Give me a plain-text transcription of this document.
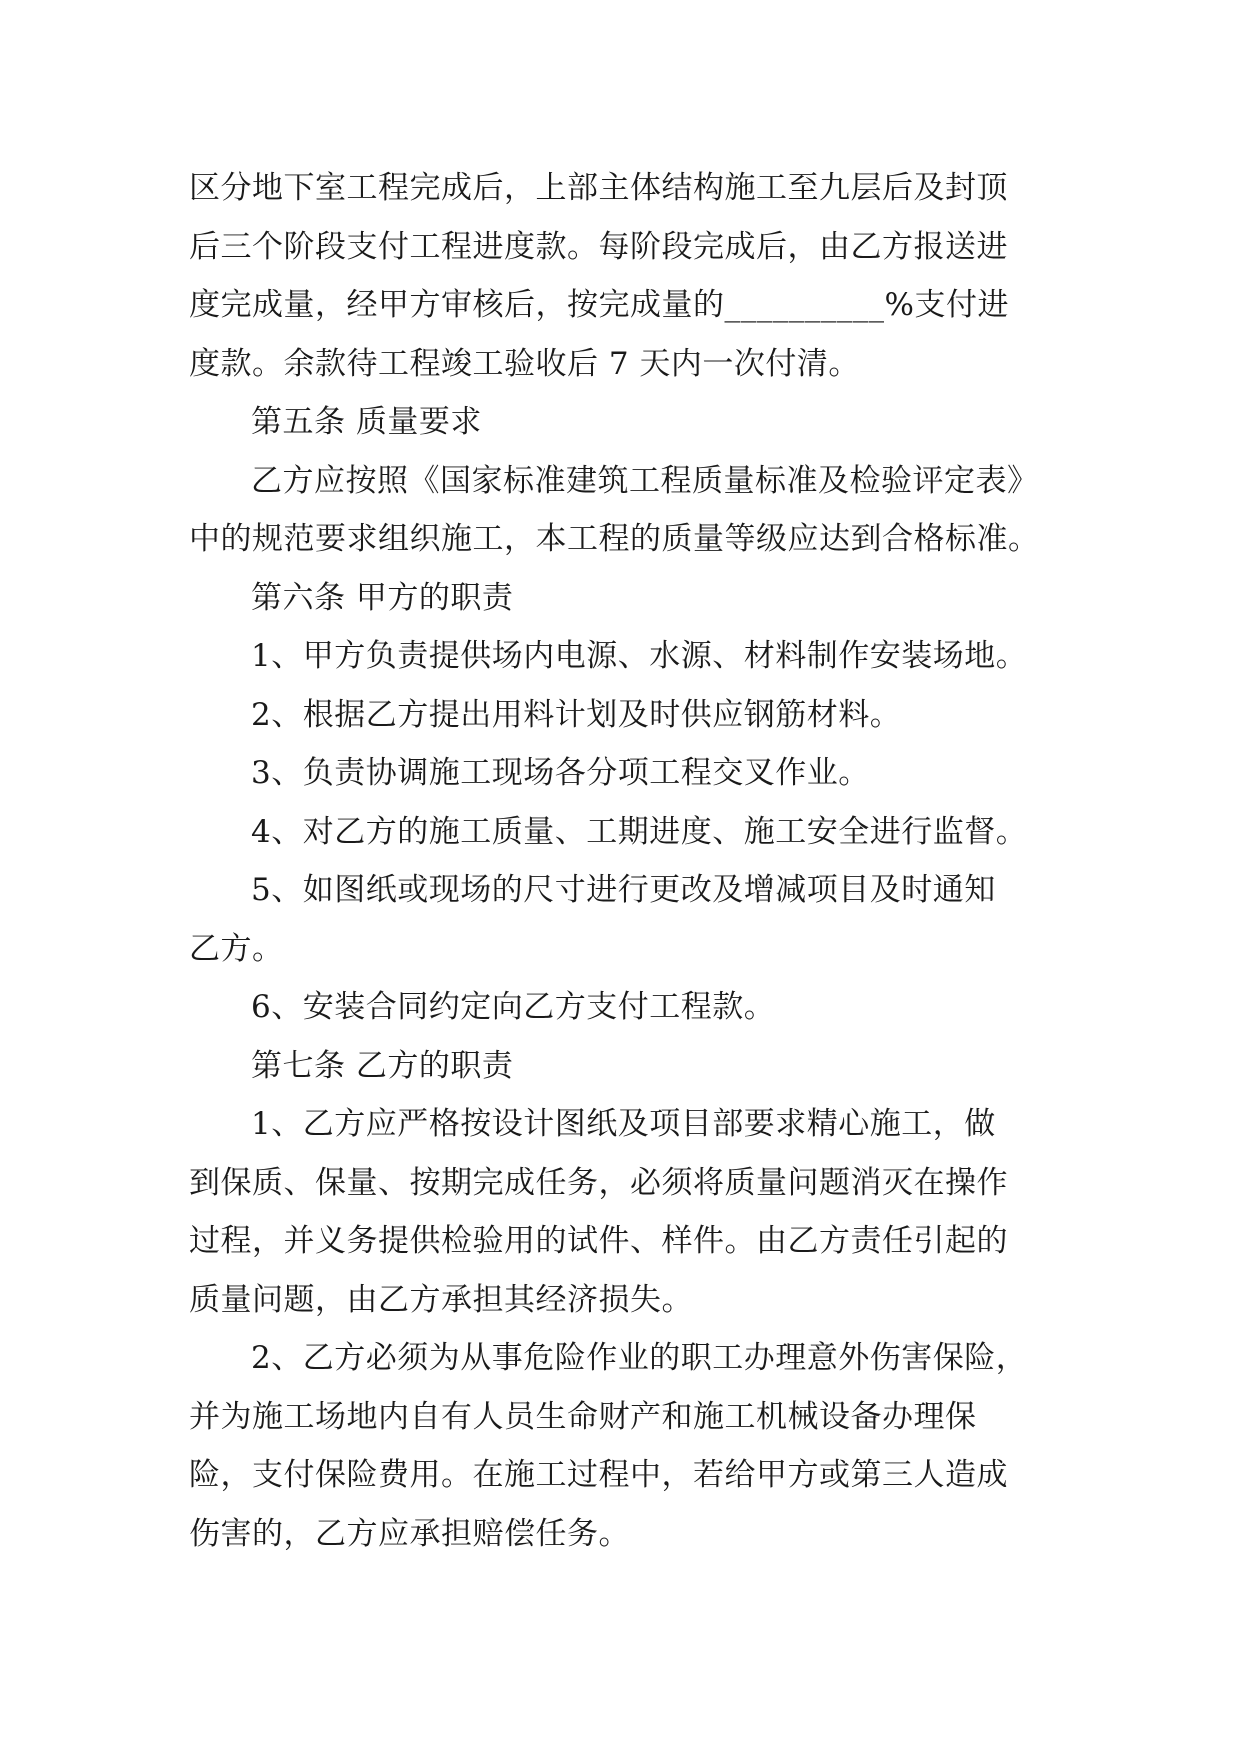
区分地下室工程完成后，上部主体结构施工至九层后及封顶
后三个阶段支付工程进度款。每阶段完成后，由乙方报送进
度完成量，经甲方审核后，按完成量的__________%支付进
度款。余款待工程竣工验收后 7 天内一次付清。
第五条 质量要求
乙方应按照《国家标准建筑工程质量标准及检验评定表》
中的规范要求组织施工，本工程的质量等级应达到合格标准。
第六条 甲方的职责
1、甲方负责提供场内电源、水源、材料制作安装场地。
2、根据乙方提出用料计划及时供应钢筋材料。
3、负责协调施工现场各分项工程交叉作业。
4、对乙方的施工质量、工期进度、施工安全进行监督。
5、如图纸或现场的尺寸进行更改及增减项目及时通知
乙方。
6、安装合同约定向乙方支付工程款。
第七条 乙方的职责
1、乙方应严格按设计图纸及项目部要求精心施工，做
到保质、保量、按期完成任务，必须将质量问题消灭在操作
过程，并义务提供检验用的试件、样件。由乙方责任引起的
质量问题，由乙方承担其经济损失。
2、乙方必须为从事危险作业的职工办理意外伤害保险，
并为施工场地内自有人员生命财产和施工机械设备办理保
险，支付保险费用。在施工过程中，若给甲方或第三人造成
伤害的，乙方应承担赔偿任务。
